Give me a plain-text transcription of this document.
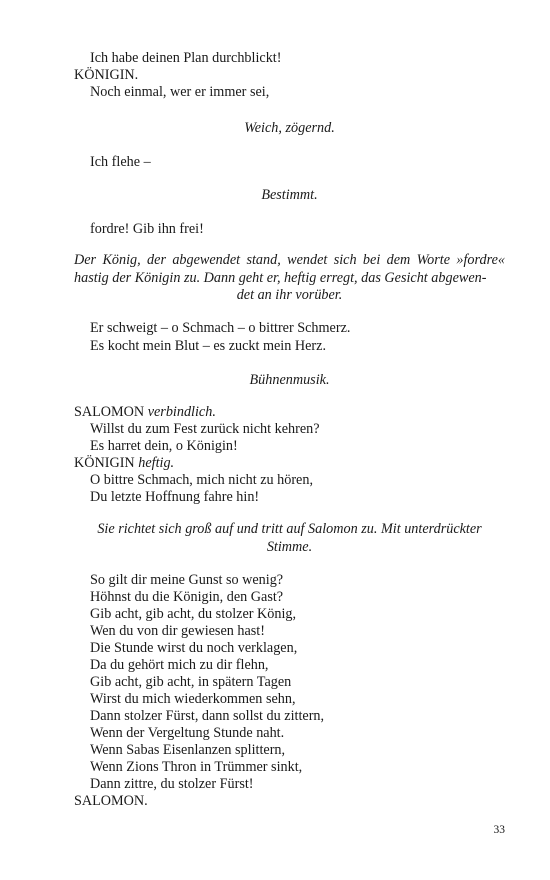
Ich habe deinen Plan durchblickt!
KÖNIGIN.
Noch einmal, wer er immer sei,
Weich, zögernd.
Ich flehe –
Bestimmt.
fordre! Gib ihn frei!
Der König, der abgewendet stand, wendet sich bei dem Worte »fordre« hastig der Königin zu. Dann geht er, heftig erregt, das Gesicht abgewen-
det an ihr vorüber.
Er schweigt – o Schmach – o bittrer Schmerz.
Es kocht mein Blut – es zuckt mein Herz.
Bühnenmusik.
SALOMON verbindlich.
Willst du zum Fest zurück nicht kehren?
Es harret dein, o Königin!
KÖNIGIN heftig.
O bittre Schmach, mich nicht zu hören,
Du letzte Hoffnung fahre hin!
Sie richtet sich groß auf und tritt auf Salomon zu. Mit unterdrückter
Stimme.
So gilt dir meine Gunst so wenig?
Höhnst du die Königin, den Gast?
Gib acht, gib acht, du stolzer König,
Wen du von dir gewiesen hast!
Die Stunde wirst du noch verklagen,
Da du gehört mich zu dir flehn,
Gib acht, gib acht, in spätern Tagen
Wirst du mich wiederkommen sehn,
Dann stolzer Fürst, dann sollst du zittern,
Wenn der Vergeltung Stunde naht.
Wenn Sabas Eisenlanzen splittern,
Wenn Zions Thron in Trümmer sinkt,
Dann zittre, du stolzer Fürst!
SALOMON.
33
